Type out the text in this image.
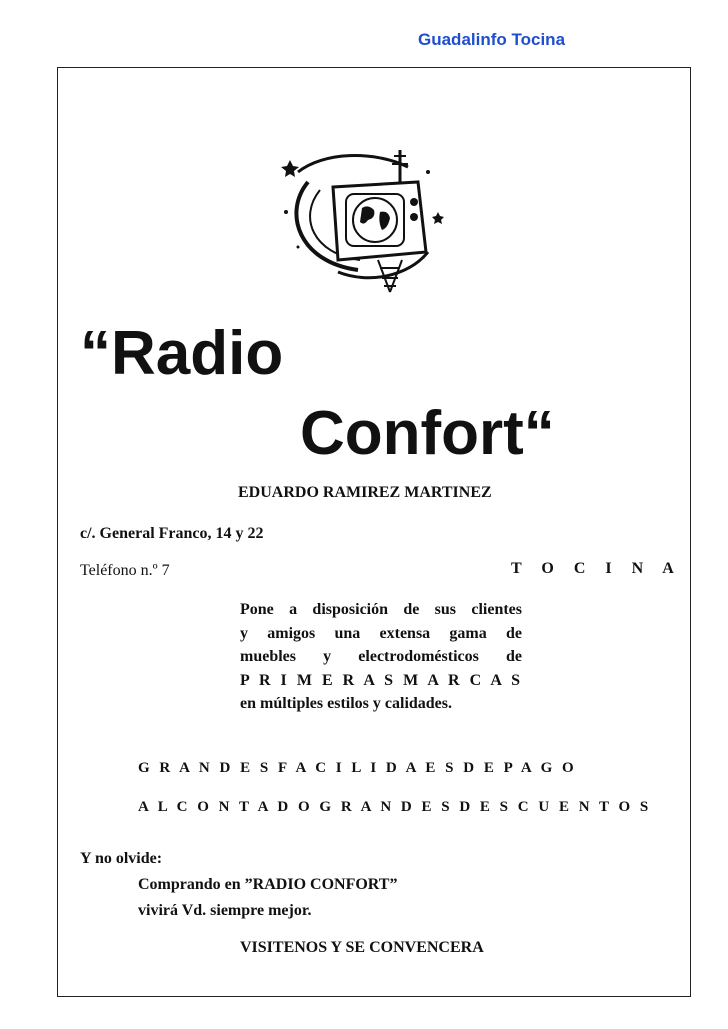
Guadalinfo Tocina
“Radio
Confort“
EDUARDO RAMIREZ MARTINEZ
c/. General Franco, 14 y 22
Teléfono n.º 7	T O C I N A
Pone a disposición de sus clientes
y amigos una extensa gama de
muebles y electrodomésticos de
P R I M E R A S M A R C A S
en múltiples estilos y calidades.
G R A N D E S F A C I L I D A E S D E P A G O
A L C O N T A D O G R A N D E S D E S C U E N T O S
Y no olvide:
Comprando en ”RADIO CONFORT”
vivirá Vd. siempre mejor.
VISITENOS Y SE CONVENCERA
